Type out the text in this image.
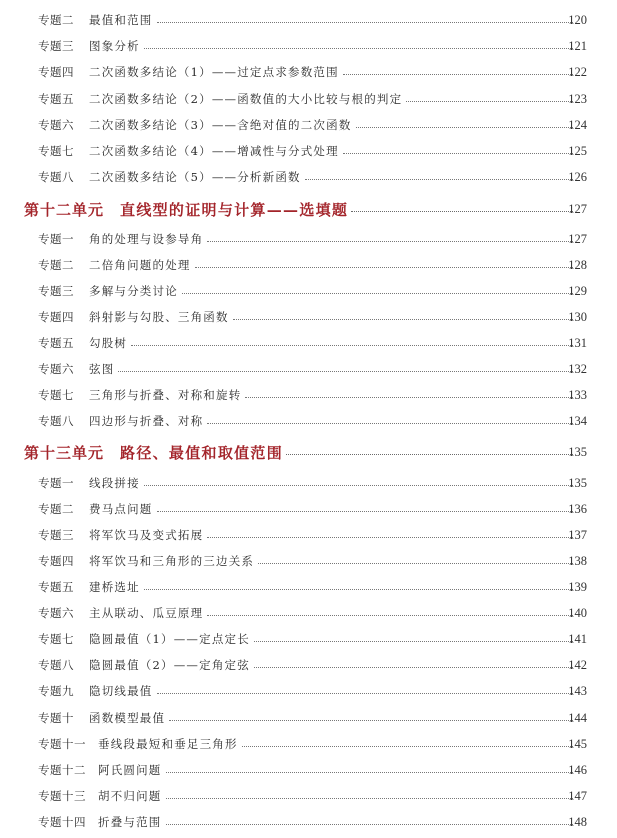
专题二	最值和范围	120
专题三	图象分析	121
专题四	二次函数多结论（1）——过定点求参数范围	122
专题五	二次函数多结论（2）——函数值的大小比较与根的判定	123
专题六	二次函数多结论（3）——含绝对值的二次函数	124
专题七	二次函数多结论（4）——增减性与分式处理	125
专题八	二次函数多结论（5）——分析新函数	126
第十二单元	直线型的证明与计算——选填题	127
专题一	角的处理与设参导角	127
专题二	二倍角问题的处理	128
专题三	多解与分类讨论	129
专题四	斜射影与勾股、三角函数	130
专题五	勾股树	131
专题六	弦图	132
专题七	三角形与折叠、对称和旋转	133
专题八	四边形与折叠、对称	134
第十三单元	路径、最值和取值范围	135
专题一	线段拼接	135
专题二	费马点问题	136
专题三	将军饮马及变式拓展	137
专题四	将军饮马和三角形的三边关系	138
专题五	建桥选址	139
专题六	主从联动、瓜豆原理	140
专题七	隐圆最值（1）——定点定长	141
专题八	隐圆最值（2）——定角定弦	142
专题九	隐切线最值	143
专题十	函数模型最值	144
专题十一	垂线段最短和垂足三角形	145
专题十二	阿氏圆问题	146
专题十三	胡不归问题	147
专题十四	折叠与范围	148
